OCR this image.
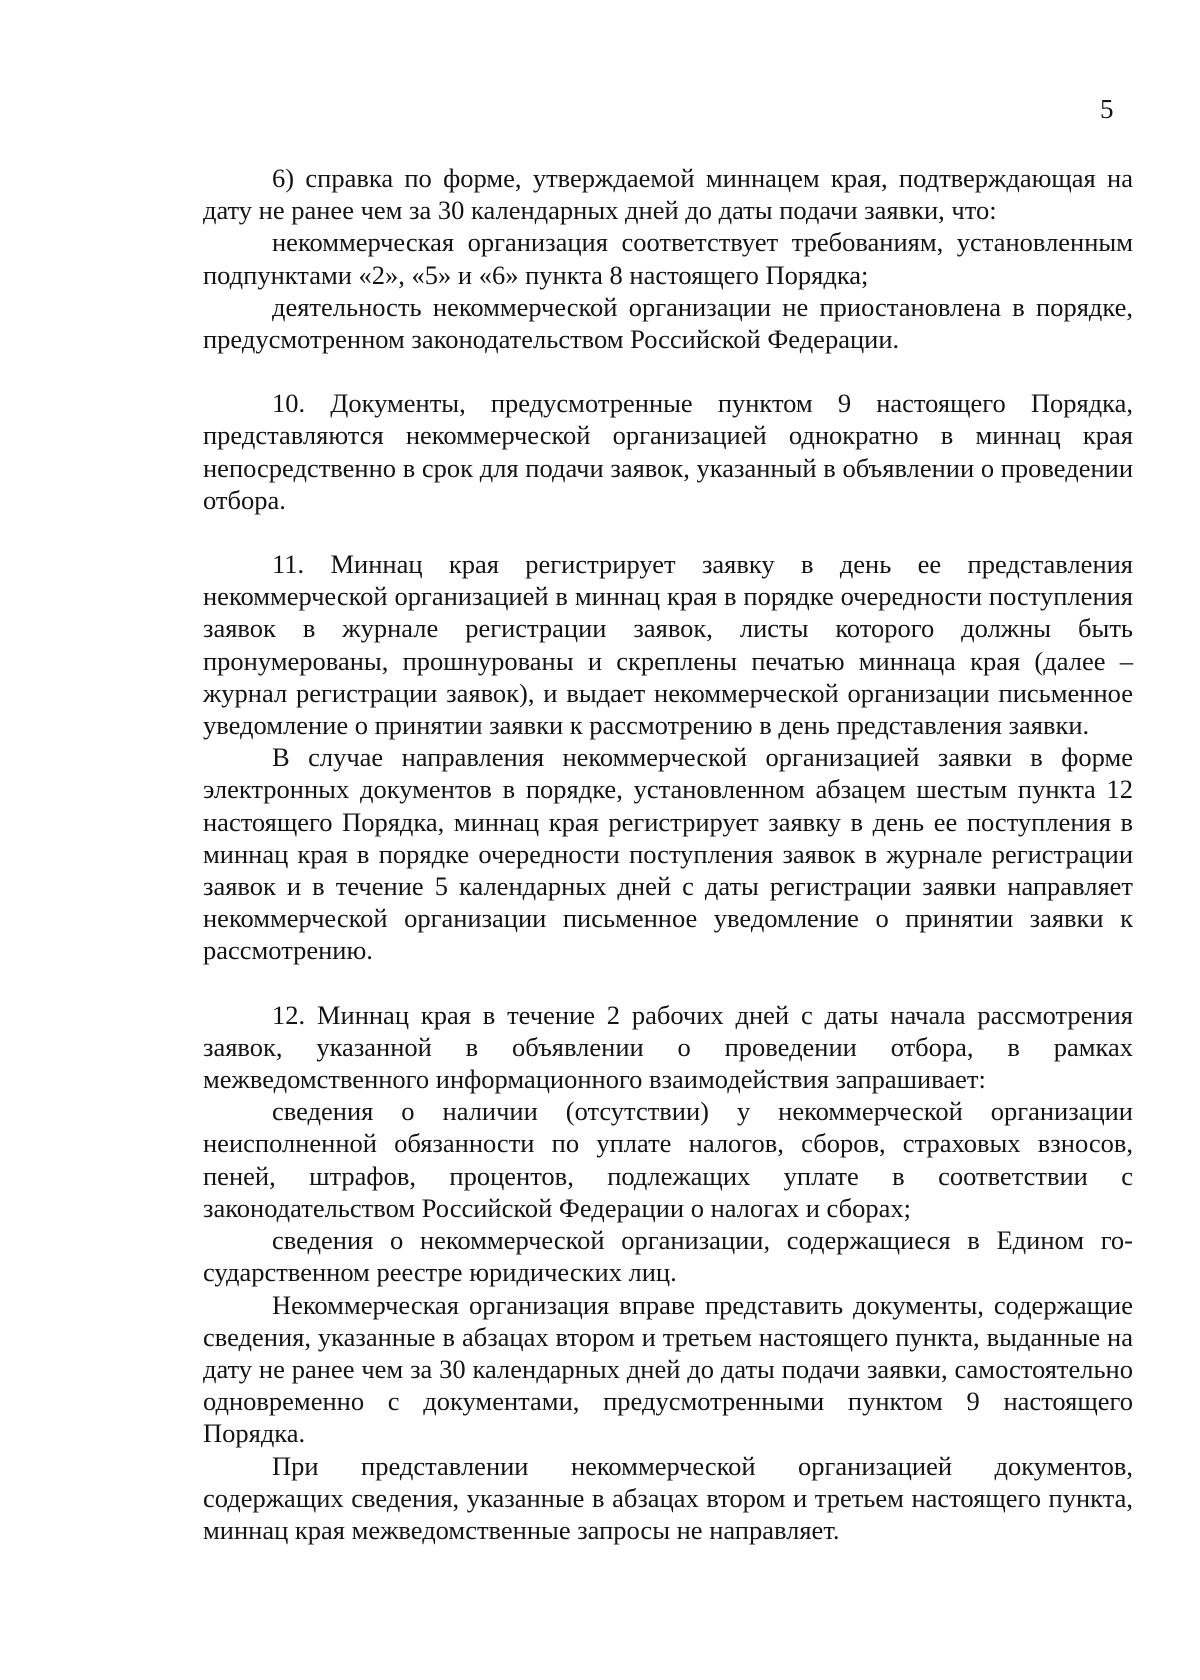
5

6) справка по форме, утверждаемой миннацем края, подтверждающая на дату не ранее чем за 30 календарных дней до даты подачи заявки, что:

некоммерческая организация соответствует требованиям, установленным подпунктами «2», «5» и «6» пункта 8 настоящего Порядка;

деятельность некоммерческой организации не приостановлена в порядке, предусмотренном законодательством Российской Федерации.

10. Документы, предусмотренные пунктом 9 настоящего Порядка, представляются некоммерческой организацией однократно в миннац края непосредственно в срок для подачи заявок, указанный в объявлении о проведении отбора.

11. Миннац края регистрирует заявку в день ее представления некоммерческой организацией в миннац края в порядке очередности поступления заявок в журнале регистрации заявок, листы которого должны быть пронумерованы, прошнурованы и скреплены печатью миннаца края (далее – журнал регистрации заявок), и выдает некоммерческой организации письменное уведомление о принятии заявки к рассмотрению в день представления заявки.

В случае направления некоммерческой организацией заявки в форме электронных документов в порядке, установленном абзацем шестым пункта 12 настоящего Порядка, миннац края регистрирует заявку в день ее поступления в миннац края в порядке очередности поступления заявок в журнале регистрации заявок и в течение 5 календарных дней с даты регистрации заявки направляет некоммерческой организации письменное уведомление о принятии заявки к рассмотрению.

12. Миннац края в течение 2 рабочих дней с даты начала рассмотрения заявок, указанной в объявлении о проведении отбора, в рамках межведомственного информационного взаимодействия запрашивает:

сведения о наличии (отсутствии) у некоммерческой организации неисполненной обязанности по уплате налогов, сборов, страховых взносов, пеней, штрафов, процентов, подлежащих уплате в соответствии с законодательством Российской Федерации о налогах и сборах;

сведения о некоммерческой организации, содержащиеся в Едином государственном реестре юридических лиц.

Некоммерческая организация вправе представить документы, содержащие сведения, указанные в абзацах втором и третьем настоящего пункта, выданные на дату не ранее чем за 30 календарных дней до даты подачи заявки, самостоятельно одновременно с документами, предусмотренными пунктом 9 настоящего Порядка.

При представлении некоммерческой организацией документов, содержащих сведения, указанные в абзацах втором и третьем настоящего пункта, миннац края межведомственные запросы не направляет.
